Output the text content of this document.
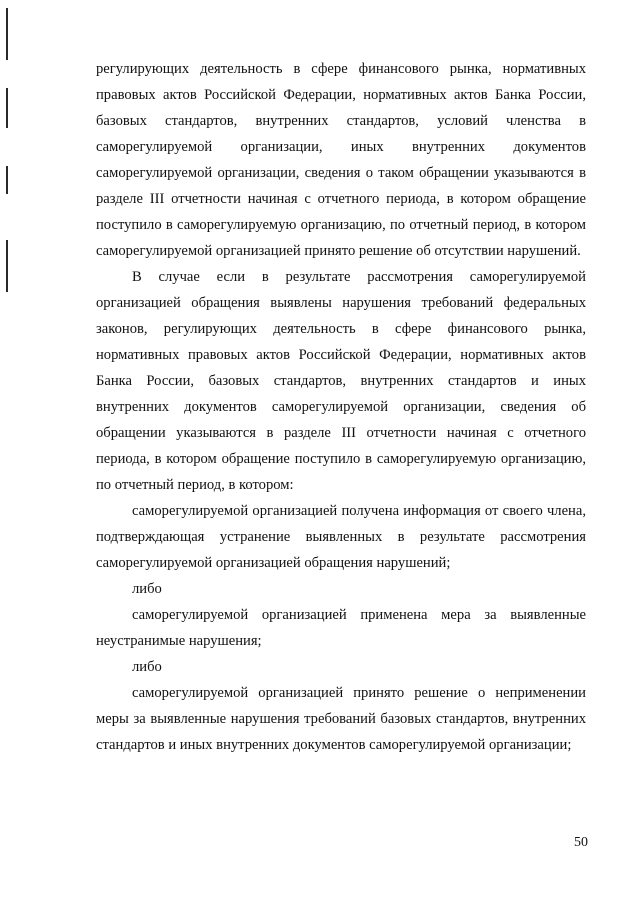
регулирующих деятельность в сфере финансового рынка, нормативных правовых актов Российской Федерации, нормативных актов Банка России, базовых стандартов, внутренних стандартов, условий членства в саморегулируемой организации, иных внутренних документов саморегулируемой организации, сведения о таком обращении указываются в разделе III отчетности начиная с отчетного периода, в котором обращение поступило в саморегулируемую организацию, по отчетный период, в котором саморегулируемой организацией принято решение об отсутствии нарушений.

В случае если в результате рассмотрения саморегулируемой организацией обращения выявлены нарушения требований федеральных законов, регулирующих деятельность в сфере финансового рынка, нормативных правовых актов Российской Федерации, нормативных актов Банка России, базовых стандартов, внутренних стандартов и иных внутренних документов саморегулируемой организации, сведения об обращении указываются в разделе III отчетности начиная с отчетного периода, в котором обращение поступило в саморегулируемую организацию, по отчетный период, в котором:

саморегулируемой организацией получена информация от своего члена, подтверждающая устранение выявленных в результате рассмотрения саморегулируемой организацией обращения нарушений;

либо

саморегулируемой организацией применена мера за выявленные неустранимые нарушения;

либо

саморегулируемой организацией принято решение о неприменении меры за выявленные нарушения требований базовых стандартов, внутренних стандартов и иных внутренних документов саморегулируемой организации;

50
